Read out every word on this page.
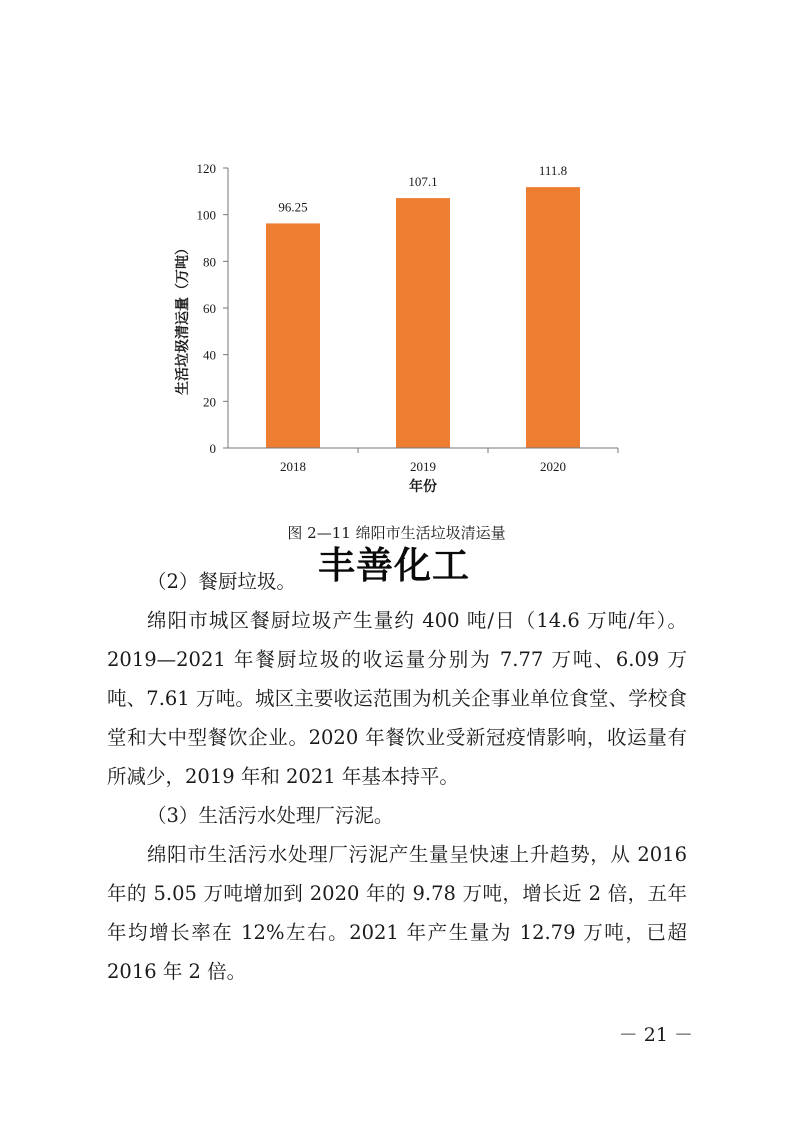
生活垃圾清运量（万吨）
0
20
40
60
80
100
120
96.25
107.1
111.8
2018	2019	2020
年份
图 2—11 绵阳市生活垃圾清运量
丰善化工

（2）餐厨垃圾。

绵阳市城区餐厨垃圾产生量约 400 吨/日（14.6 万吨/年）。2019—2021 年餐厨垃圾的收运量分别为 7.77 万吨、6.09 万吨、7.61 万吨。城区主要收运范围为机关企事业单位食堂、学校食堂和大中型餐饮企业。2020 年餐饮业受新冠疫情影响，收运量有所减少，2019 年和 2021 年基本持平。

（3）生活污水处理厂污泥。

绵阳市生活污水处理厂污泥产生量呈快速上升趋势，从 2016 年的 5.05 万吨增加到 2020 年的 9.78 万吨，增长近 2 倍，五年年均增长率在 12%左右。2021 年产生量为 12.79 万吨，已超 2016 年 2 倍。

－ 21 －
